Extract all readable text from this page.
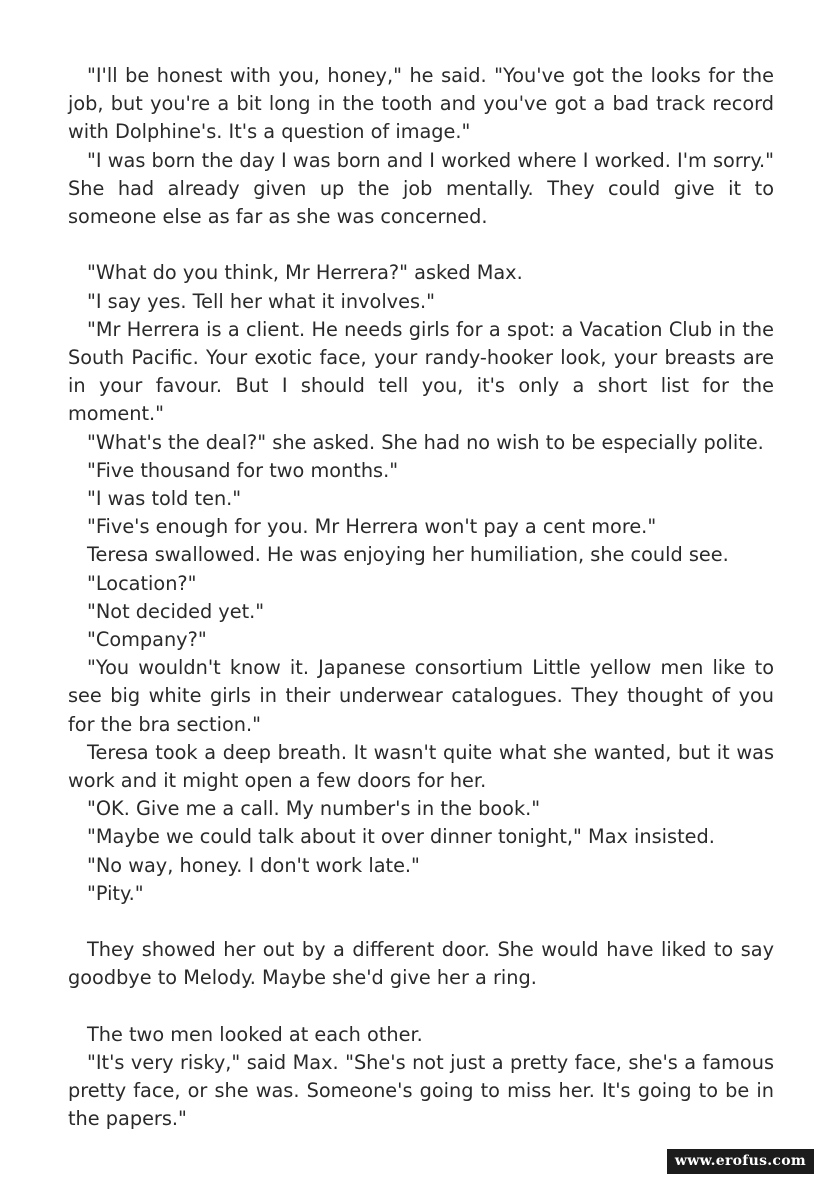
"I'll be honest with you, honey," he said. "You've got the looks for the job, but you're a bit long in the tooth and you've got a bad track record with Dolphine's. It's a question of image."

"I was born the day I was born and I worked where I worked. I'm sorry." She had already given up the job mentally. They could give it to someone else as far as she was concerned.

"What do you think, Mr Herrera?" asked Max.

"I say yes. Tell her what it involves."

"Mr Herrera is a client. He needs girls for a spot: a Vacation Club in the South Pacific. Your exotic face, your randy-hooker look, your breasts are in your favour. But I should tell you, it's only a short list for the moment."

"What's the deal?" she asked. She had no wish to be especially polite.

"Five thousand for two months."

"I was told ten."

"Five's enough for you. Mr Herrera won't pay a cent more."

Teresa swallowed. He was enjoying her humiliation, she could see.

"Location?"

"Not decided yet."

"Company?"

"You wouldn't know it. Japanese consortium Little yellow men like to see big white girls in their underwear catalogues. They thought of you for the bra section."

Teresa took a deep breath. It wasn't quite what she wanted, but it was work and it might open a few doors for her.

"OK. Give me a call. My number's in the book."

"Maybe we could talk about it over dinner tonight," Max insisted.

"No way, honey. I don't work late."

"Pity."

They showed her out by a different door. She would have liked to say goodbye to Melody. Maybe she'd give her a ring.

The two men looked at each other.

"It's very risky," said Max. "She's not just a pretty face, she's a famous pretty face, or she was. Someone's going to miss her. It's going to be in the papers."

www.erofus.com
